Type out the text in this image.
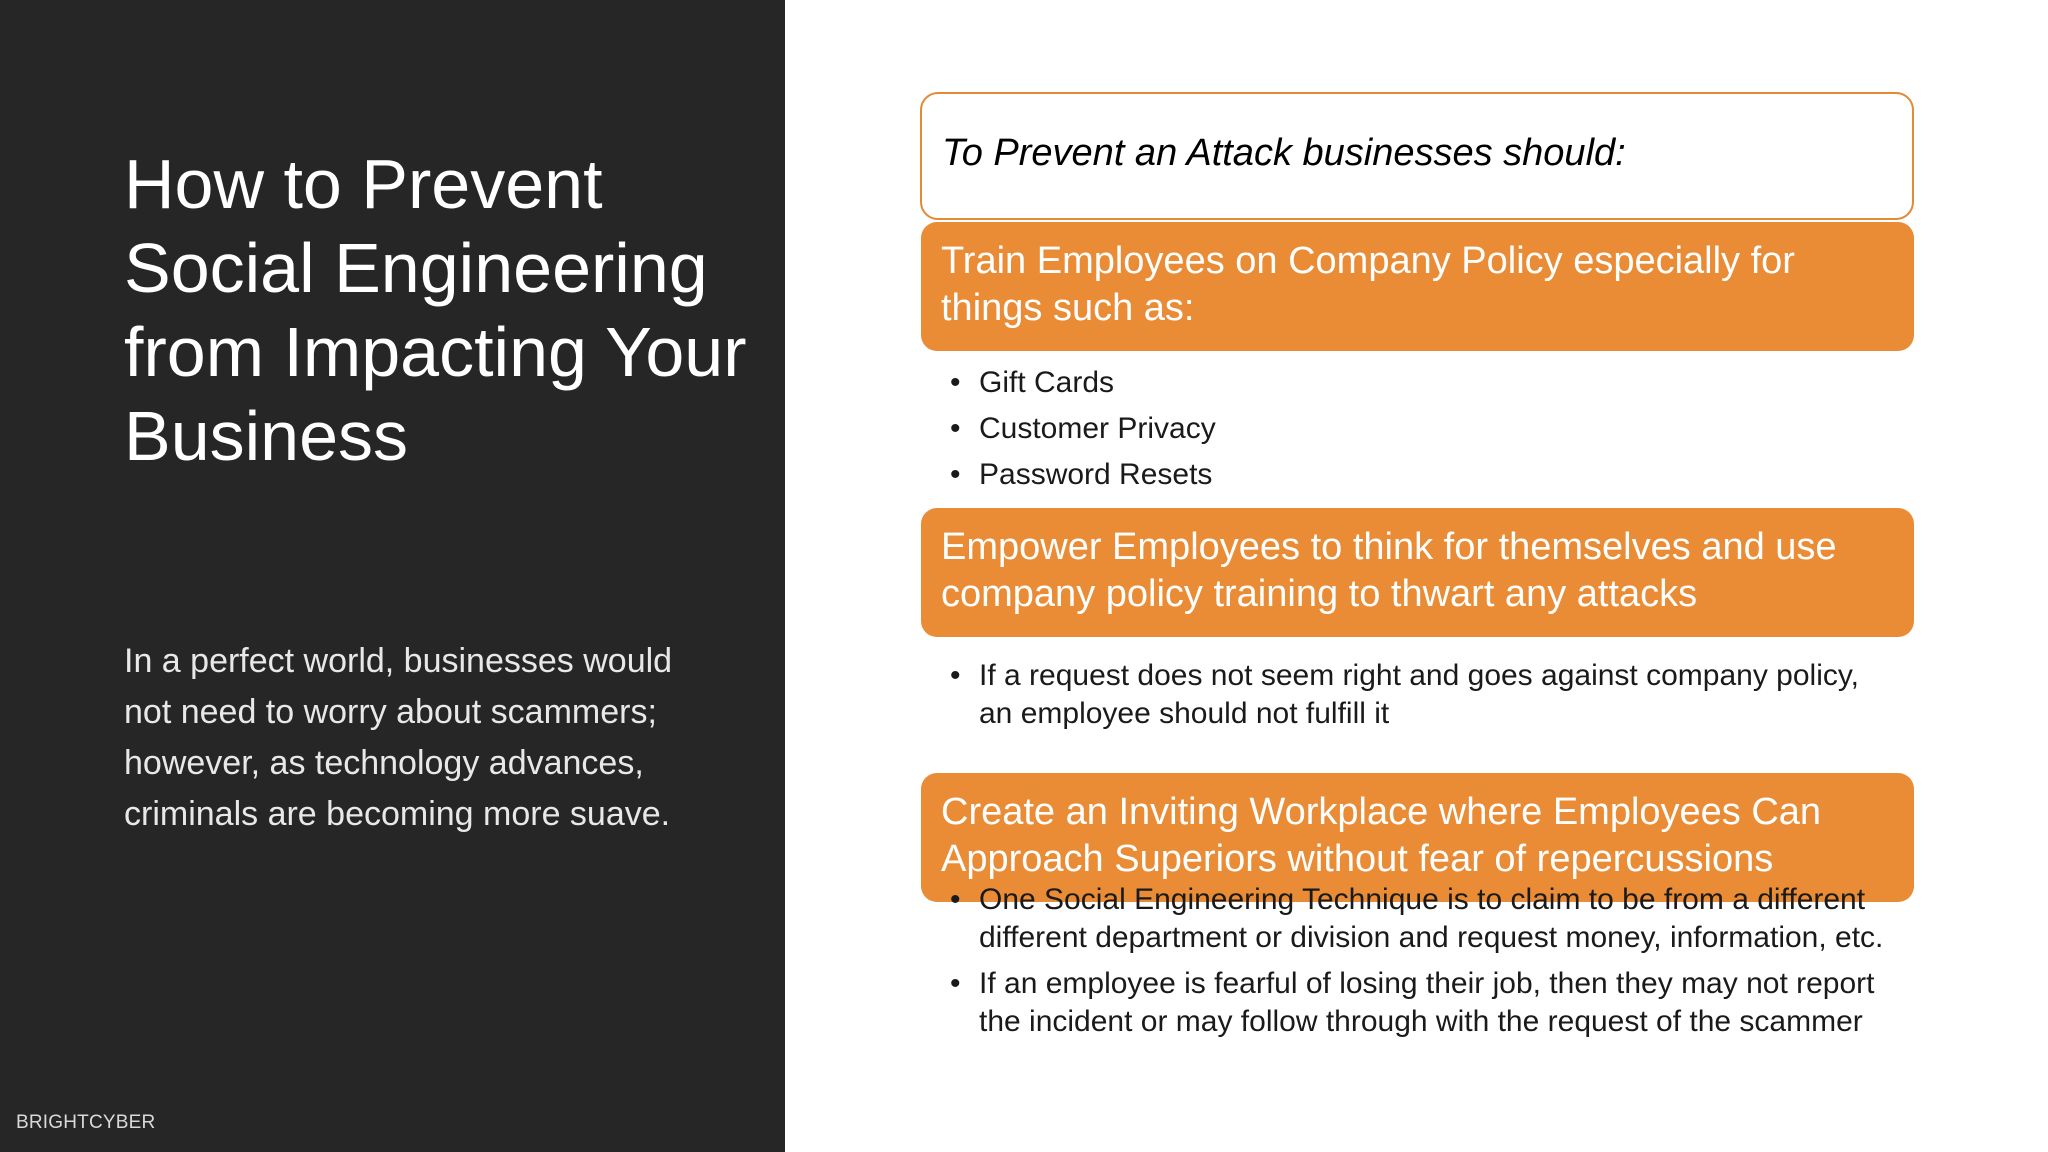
How to Prevent Social Engineering from Impacting Your Business

In a perfect world, businesses would not need to worry about scammers; however, as technology advances, criminals are becoming more suave.

BRIGHTCYBER
To Prevent an Attack businesses should:
Train Employees on Company Policy especially for things such as:
• Gift Cards
• Customer Privacy
• Password Resets
Empower Employees to think for themselves and use company policy training to thwart any attacks
• If a request does not seem right and goes against company policy, an employee should not fulfill it
Create an Inviting Workplace where Employees Can Approach Superiors without fear of repercussions
• One Social Engineering Technique is to claim to be from a different different department or division and request money, information, etc.
• If an employee is fearful of losing their job, then they may not report the incident or may follow through with the request of the scammer
